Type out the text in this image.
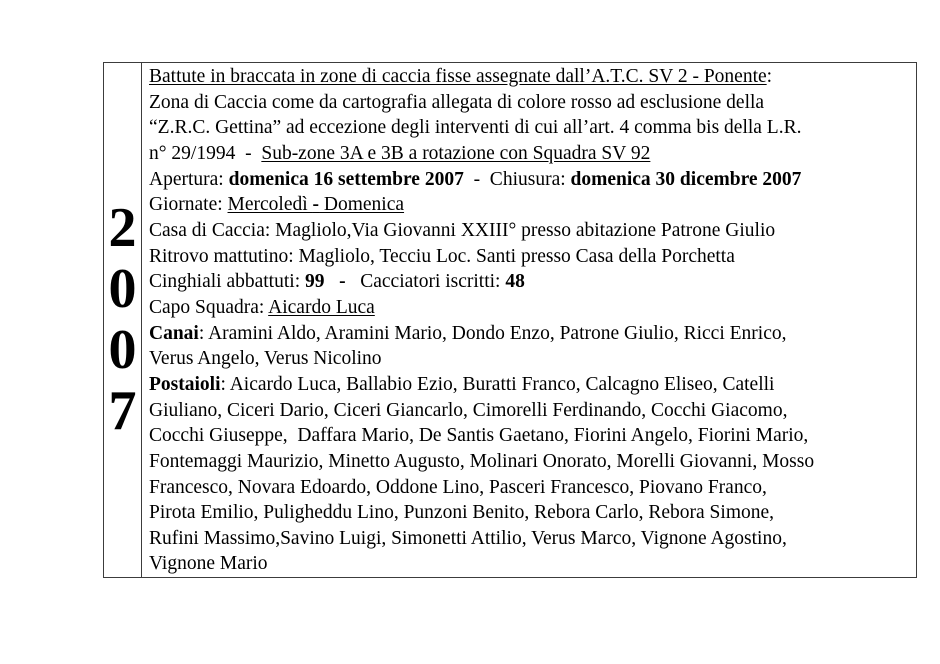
2
0
0
7
Battute in braccata in zone di caccia fisse assegnate dall’A.T.C. SV 2 - Ponente:
Zona di Caccia come da cartografia allegata di colore rosso ad esclusione della
“Z.R.C. Gettina” ad eccezione degli interventi di cui all’art. 4 comma bis della L.R.
n° 29/1994  -  Sub-zone 3A e 3B a rotazione con Squadra SV 92
Apertura: domenica 16 settembre 2007  -  Chiusura: domenica 30 dicembre 2007
Giornate: Mercoledì - Domenica
Casa di Caccia: Magliolo,Via Giovanni XXIII° presso abitazione Patrone Giulio
Ritrovo mattutino: Magliolo, Tecciu Loc. Santi presso Casa della Porchetta
Cinghiali abbattuti: 99 -   Cacciatori iscritti: 48
Capo Squadra: Aicardo Luca
Canai: Aramini Aldo, Aramini Mario, Dondo Enzo, Patrone Giulio, Ricci Enrico,
Verus Angelo, Verus Nicolino
Postaioli: Aicardo Luca, Ballabio Ezio, Buratti Franco, Calcagno Eliseo, Catelli
Giuliano, Ciceri Dario, Ciceri Giancarlo, Cimorelli Ferdinando, Cocchi Giacomo,
Cocchi Giuseppe,  Daffara Mario, De Santis Gaetano, Fiorini Angelo, Fiorini Mario,
Fontemaggi Maurizio, Minetto Augusto, Molinari Onorato, Morelli Giovanni, Mosso
Francesco, Novara Edoardo, Oddone Lino, Pasceri Francesco, Piovano Franco,
Pirota Emilio, Puligheddu Lino, Punzoni Benito, Rebora Carlo, Rebora Simone,
Rufini Massimo,Savino Luigi, Simonetti Attilio, Verus Marco, Vignone Agostino,
Vignone Mario
